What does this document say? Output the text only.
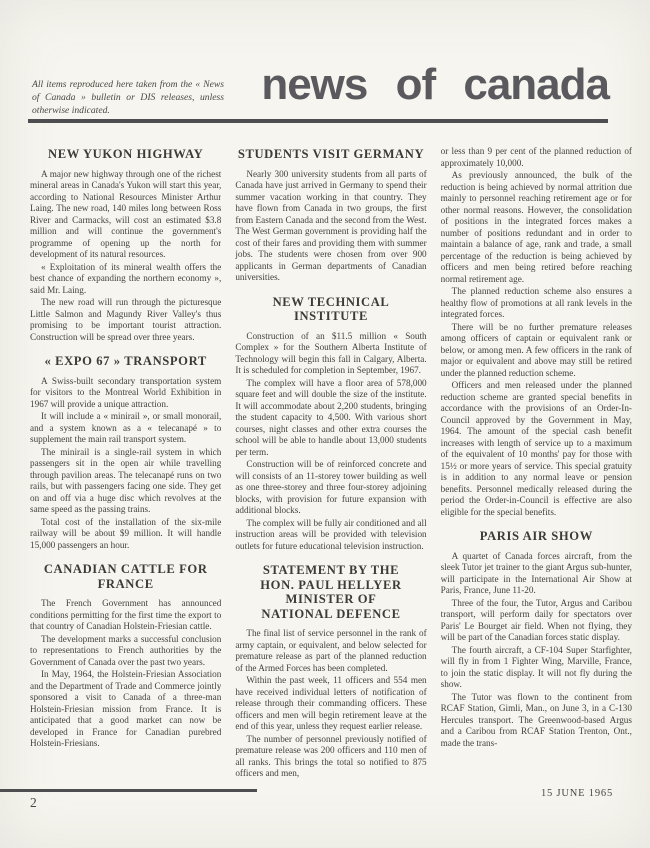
All items reproduced here taken from the « News of Canada » bulletin or DIS releases, unless otherwise indicated.

news of canada
NEW YUKON HIGHWAY

A major new highway through one of the richest mineral areas in Canada's Yukon will start this year, according to National Resources Minister Arthur Laing. The new road, 140 miles long between Ross River and Carmacks, will cost an estimated $3.8 million and will continue the government's programme of opening up the north for development of its natural resources.

« Exploitation of its mineral wealth offers the best chance of expanding the northern economy », said Mr. Laing.

The new road will run through the picturesque Little Salmon and Magundy River Valley's thus promising to be important tourist attraction. Construction will be spread over three years.

« EXPO 67 » TRANSPORT

A Swiss-built secondary transportation system for visitors to the Montreal World Exhibition in 1967 will provide a unique attraction.

It will include a « minirail », or small monorail, and a system known as a « telecanapé » to supplement the main rail transport system.

The minirail is a single-rail system in which passengers sit in the open air while travelling through pavilion areas. The telecanapé runs on two rails, but with passengers facing one side. They get on and off via a huge disc which revolves at the same speed as the passing trains.

Total cost of the installation of the six-mile railway will be about $9 million. It will handle 15,000 passengers an hour.

CANADIAN CATTLE FOR FRANCE

The French Government has announced conditions permitting for the first time the export to that country of Canadian Holstein-Friesian cattle.

The development marks a successful conclusion to representations to French authorities by the Government of Canada over the past two years.

In May, 1964, the Holstein-Friesian Association and the Department of Trade and Commerce jointly sponsored a visit to Canada of a three-man Holstein-Friesian mission from France. It is anticipated that a good market can now be developed in France for Canadian purebred Holstein-Friesians.

STUDENTS VISIT GERMANY

Nearly 300 university students from all parts of Canada have just arrived in Germany to spend their summer vacation working in that country. They have flown from Canada in two groups, the first from Eastern Canada and the second from the West. The West German government is providing half the cost of their fares and providing them with summer jobs. The students were chosen from over 900 applicants in German departments of Canadian universities.

NEW TECHNICAL INSTITUTE

Construction of an $11.5 million « South Complex » for the Southern Alberta Institute of Technology will begin this fall in Calgary, Alberta. It is scheduled for completion in September, 1967.

The complex will have a floor area of 578,000 square feet and will double the size of the institute. It will accommodate about 2,200 students, bringing the student capacity to 4,500. With various short courses, night classes and other extra courses the school will be able to handle about 13,000 students per term.

Construction will be of reinforced concrete and will consists of an 11-storey tower building as well as one three-storey and three four-storey adjoining blocks, with provision for future expansion with additional blocks.

The complex will be fully air conditioned and all instruction areas will be provided with television outlets for future educational television instruction.

STATEMENT BY THE
HON. PAUL HELLYER
MINISTER OF
NATIONAL DEFENCE

The final list of service personnel in the rank of army captain, or equivalent, and below selected for premature release as part of the planned reduction of the Armed Forces has been completed.

Within the past week, 11 officers and 554 men have received individual letters of notification of release through their commanding officers. These officers and men will begin retirement leave at the end of this year, unless they request earlier release.

The number of personnel previously notified of premature release was 200 officers and 110 men of all ranks. This brings the total so notified to 875 officers and men,

or less than 9 per cent of the planned reduction of approximately 10,000.

As previously announced, the bulk of the reduction is being achieved by normal attrition due mainly to personnel reaching retirement age or for other normal reasons. However, the consolidation of positions in the integrated forces makes a number of positions redundant and in order to maintain a balance of age, rank and trade, a small percentage of the reduction is being achieved by officers and men being retired before reaching normal retirement age.

The planned reduction scheme also ensures a healthy flow of promotions at all rank levels in the integrated forces.

There will be no further premature releases among officers of captain or equivalent rank or below, or among men. A few officers in the rank of major or equivalent and above may still be retired under the planned reduction scheme.

Officers and men released under the planned reduction scheme are granted special benefits in accordance with the provisions of an Order-In-Council approved by the Government in May, 1964. The amount of the special cash benefit increases with length of service up to a maximum of the equivalent of 10 months' pay for those with 15½ or more years of service. This special gratuity is in addition to any normal leave or pension benefits. Personnel medically released during the period the Order-in-Council is effective are also eligible for the special benefits.

PARIS AIR SHOW

A quartet of Canada forces aircraft, from the sleek Tutor jet trainer to the giant Argus sub-hunter, will participate in the International Air Show at Paris, France, June 11-20.

Three of the four, the Tutor, Argus and Caribou transport, will perform daily for spectators over Paris' Le Bourget air field. When not flying, they will be part of the Canadian forces static display.

The fourth aircraft, a CF-104 Super Starfighter, will fly in from 1 Fighter Wing, Marville, France, to join the static display. It will not fly during the show.

The Tutor was flown to the continent from RCAF Station, Gimli, Man., on June 3, in a C-130 Hercules transport. The Greenwood-based Argus and a Caribou from RCAF Station Trenton, Ont., made the trans-

2
15 JUNE 1965
